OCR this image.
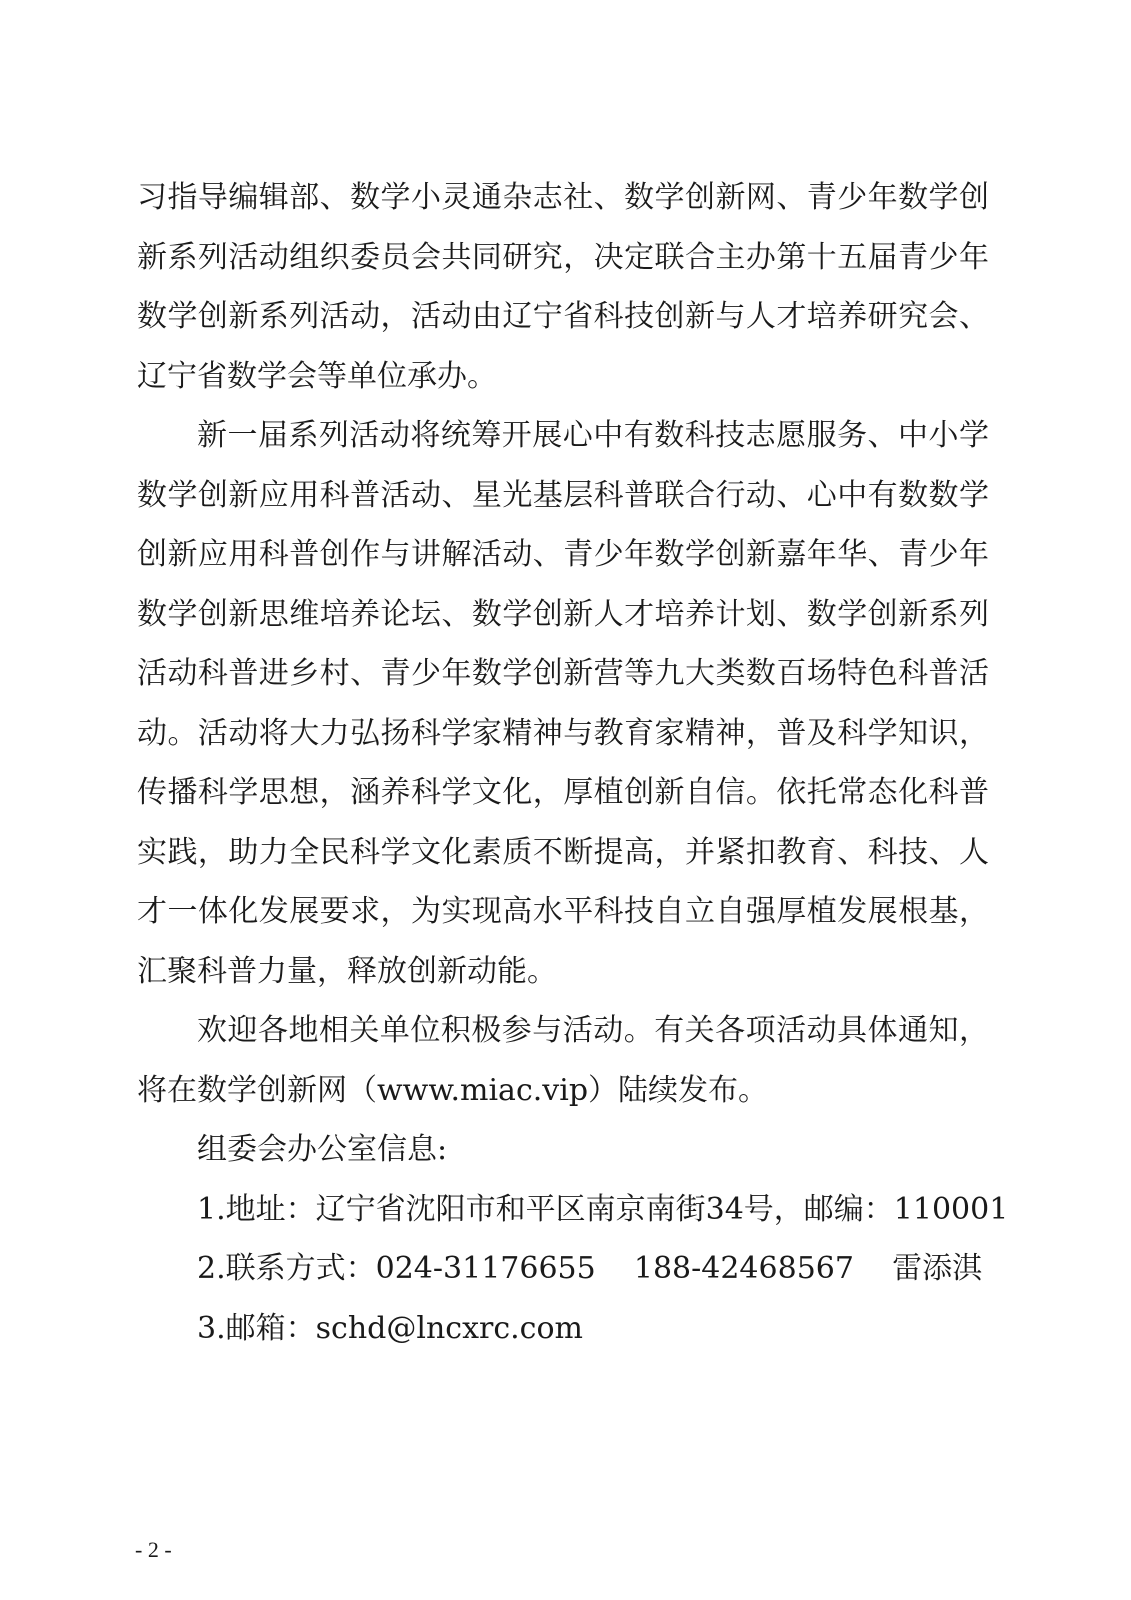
习指导编辑部、数学小灵通杂志社、数学创新网、青少年数学创新系列活动组织委员会共同研究，决定联合主办第十五届青少年数学创新系列活动，活动由辽宁省科技创新与人才培养研究会、辽宁省数学会等单位承办。

新一届系列活动将统筹开展心中有数科技志愿服务、中小学数学创新应用科普活动、星光基层科普联合行动、心中有数数学创新应用科普创作与讲解活动、青少年数学创新嘉年华、青少年数学创新思维培养论坛、数学创新人才培养计划、数学创新系列活动科普进乡村、青少年数学创新营等九大类数百场特色科普活动。活动将大力弘扬科学家精神与教育家精神，普及科学知识，传播科学思想，涵养科学文化，厚植创新自信。依托常态化科普实践，助力全民科学文化素质不断提高，并紧扣教育、科技、人才一体化发展要求，为实现高水平科技自立自强厚植发展根基，汇聚科普力量，释放创新动能。

欢迎各地相关单位积极参与活动。有关各项活动具体通知，将在数学创新网（www.miac.vip）陆续发布。

组委会办公室信息:

1.地址：辽宁省沈阳市和平区南京南街34号，邮编：110001

2.联系方式：024-31176655    188-42468567    雷添淇

3.邮箱：schd@lncxrc.com

- 2 -
